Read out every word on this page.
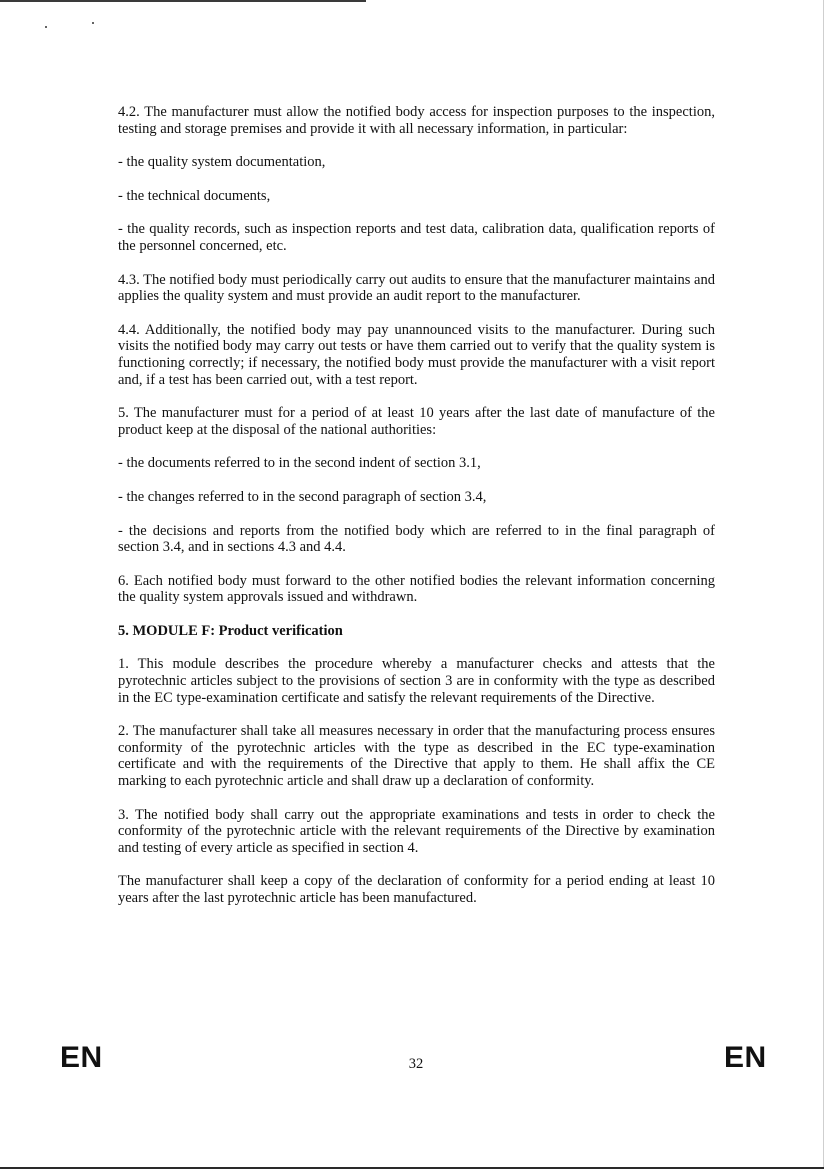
4.2. The manufacturer must allow the notified body access for inspection purposes to the inspection, testing and storage premises and provide it with all necessary information, in particular:

- the quality system documentation,

- the technical documents,

- the quality records, such as inspection reports and test data, calibration data, qualification reports of the personnel concerned, etc.

4.3. The notified body must periodically carry out audits to ensure that the manufacturer maintains and applies the quality system and must provide an audit report to the manufacturer.

4.4. Additionally, the notified body may pay unannounced visits to the manufacturer. During such visits the notified body may carry out tests or have them carried out to verify that the quality system is functioning correctly; if necessary, the notified body must provide the manufacturer with a visit report and, if a test has been carried out, with a test report.

5. The manufacturer must for a period of at least 10 years after the last date of manufacture of the product keep at the disposal of the national authorities:

- the documents referred to in the second indent of section 3.1,

- the changes referred to in the second paragraph of section 3.4,

- the decisions and reports from the notified body which are referred to in the final paragraph of section 3.4, and in sections 4.3 and 4.4.

6. Each notified body must forward to the other notified bodies the relevant information concerning the quality system approvals issued and withdrawn.

5. MODULE F: Product verification

1. This module describes the procedure whereby a manufacturer checks and attests that the pyrotechnic articles subject to the provisions of section 3 are in conformity with the type as described in the EC type-examination certificate and satisfy the relevant requirements of the Directive.

2. The manufacturer shall take all measures necessary in order that the manufacturing process ensures conformity of the pyrotechnic articles with the type as described in the EC type-examination certificate and with the requirements of the Directive that apply to them. He shall affix the CE marking to each pyrotechnic article and shall draw up a declaration of conformity.

3. The notified body shall carry out the appropriate examinations and tests in order to check the conformity of the pyrotechnic article with the relevant requirements of the Directive by examination and testing of every article as specified in section 4.

The manufacturer shall keep a copy of the declaration of conformity for a period ending at least 10 years after the last pyrotechnic article has been manufactured.

EN	32	EN
